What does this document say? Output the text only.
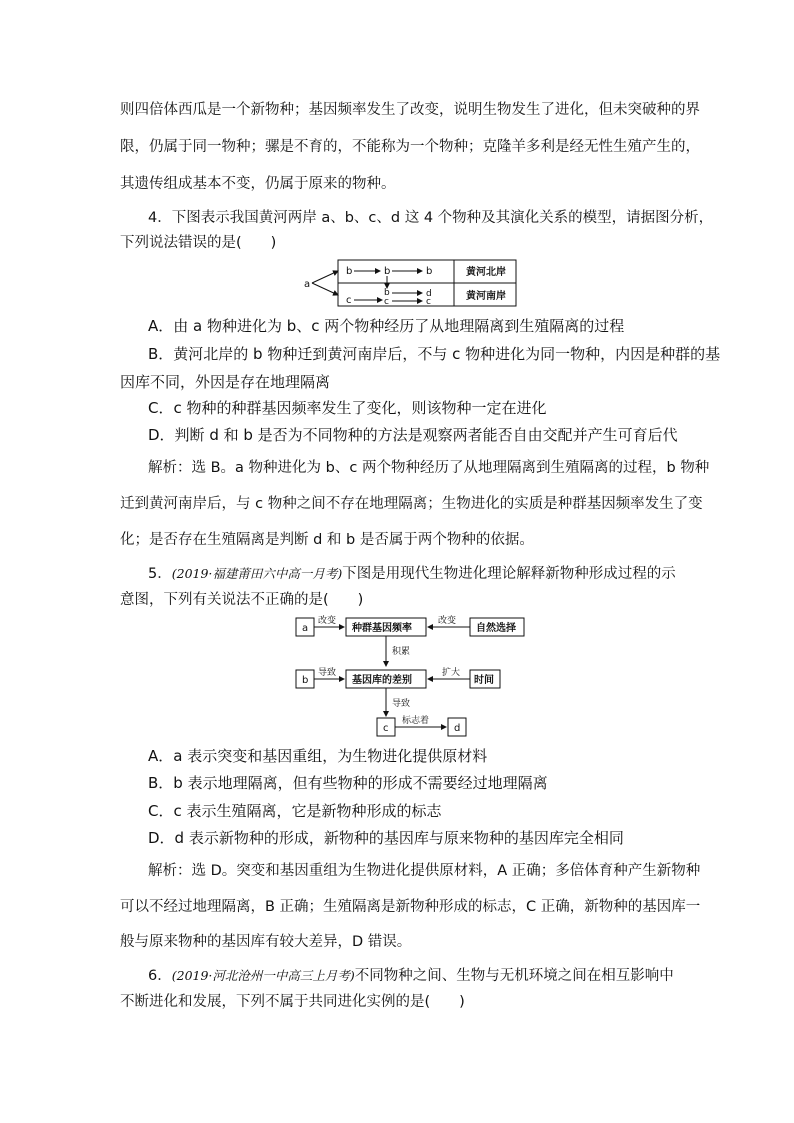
则四倍体西瓜是一个新物种；基因频率发生了改变，说明生物发生了进化，但未突破种的界
限，仍属于同一物种；骡是不育的，不能称为一个物种；克隆羊多利是经无性生殖产生的，
其遗传组成基本不变，仍属于原来的物种。
4．下图表示我国黄河两岸 a、b、c、d 这 4 个物种及其演化关系的模型，请据图分析，
下列说法错误的是(　　)
a
b	b	b
c
b	d
c	c
黄河北岸
黄河南岸
A．由 a 物种进化为 b、c 两个物种经历了从地理隔离到生殖隔离的过程
B．黄河北岸的 b 物种迁到黄河南岸后，不与 c 物种进化为同一物种，内因是种群的基
因库不同，外因是存在地理隔离
C．c 物种的种群基因频率发生了变化，则该物种一定在进化
D．判断 d 和 b 是否为不同物种的方法是观察两者能否自由交配并产生可育后代
解析：选 B。a 物种进化为 b、c 两个物种经历了从地理隔离到生殖隔离的过程，b 物种
迁到黄河南岸后，与 c 物种之间不存在地理隔离；生物进化的实质是种群基因频率发生了变
化；是否存在生殖隔离是判断 d 和 b 是否属于两个物种的依据。
5．(2019·福建莆田六中高一月考)下图是用现代生物进化理论解释新物种形成过程的示
意图，下列有关说法不正确的是(　　)
a
改变
种群基因频率
改变
自然选择
积累
b
导致
基因库的差别
扩大
时间
导致
c
标志着
d
A．a 表示突变和基因重组，为生物进化提供原材料
B．b 表示地理隔离，但有些物种的形成不需要经过地理隔离
C．c 表示生殖隔离，它是新物种形成的标志
D．d 表示新物种的形成，新物种的基因库与原来物种的基因库完全相同
解析：选 D。突变和基因重组为生物进化提供原材料，A 正确；多倍体育种产生新物种
可以不经过地理隔离，B 正确；生殖隔离是新物种形成的标志，C 正确，新物种的基因库一
般与原来物种的基因库有较大差异，D 错误。
6．(2019·河北沧州一中高三上月考)不同物种之间、生物与无机环境之间在相互影响中
不断进化和发展，下列不属于共同进化实例的是(　　)
